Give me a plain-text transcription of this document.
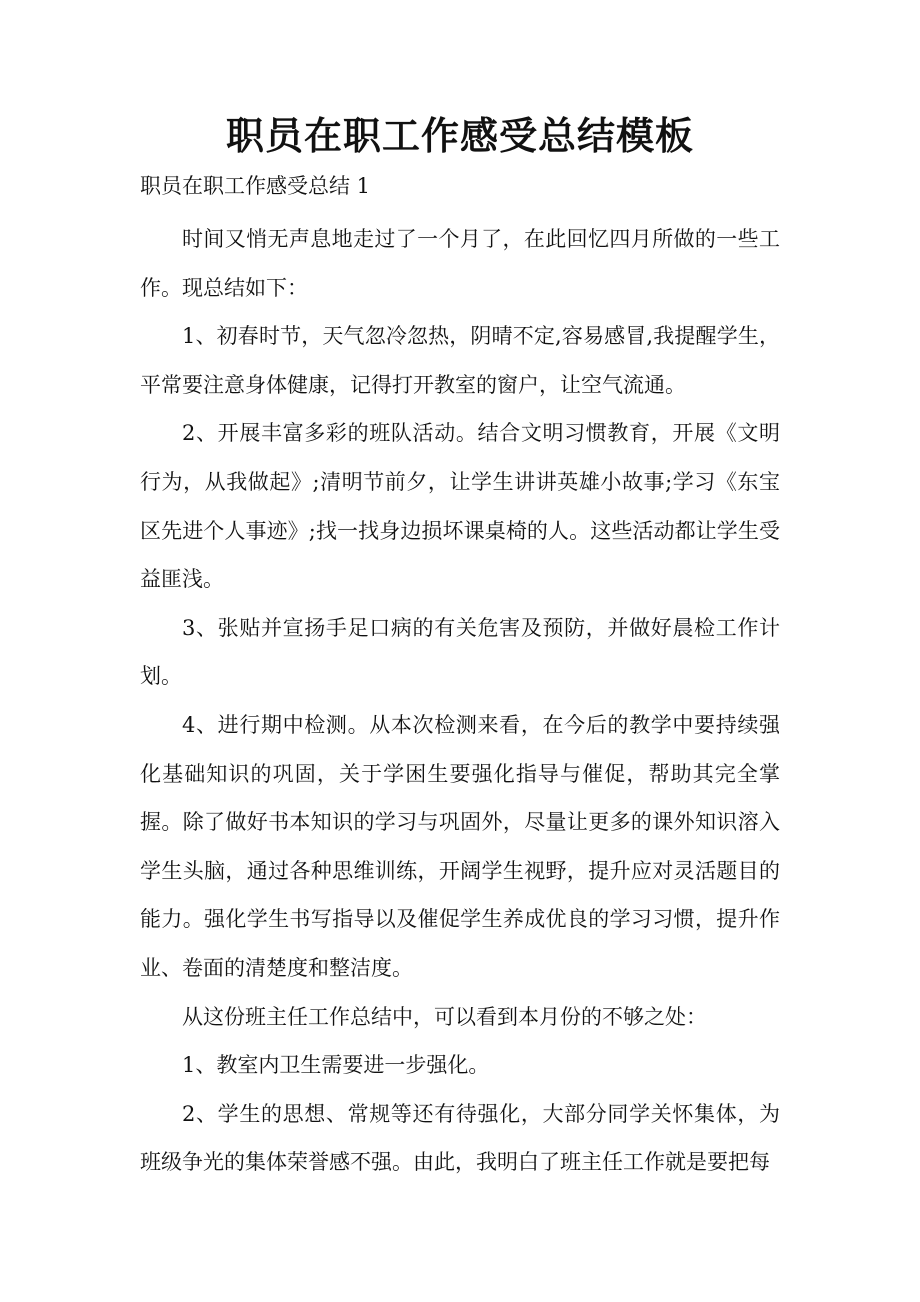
职员在职工作感受总结模板
职员在职工作感受总结 1

时间又悄无声息地走过了一个月了，在此回忆四月所做的一些工作。现总结如下：

1、初春时节，天气忽冷忽热，阴晴不定,容易感冒,我提醒学生，平常要注意身体健康，记得打开教室的窗户，让空气流通。

2、开展丰富多彩的班队活动。结合文明习惯教育，开展《文明行为，从我做起》;清明节前夕，让学生讲讲英雄小故事;学习《东宝区先进个人事迹》;找一找身边损坏课桌椅的人。这些活动都让学生受益匪浅。

3、张贴并宣扬手足口病的有关危害及预防，并做好晨检工作计划。

4、进行期中检测。从本次检测来看，在今后的教学中要持续强化基础知识的巩固，关于学困生要强化指导与催促，帮助其完全掌握。除了做好书本知识的学习与巩固外，尽量让更多的课外知识溶入学生头脑，通过各种思维训练，开阔学生视野，提升应对灵活题目的能力。强化学生书写指导以及催促学生养成优良的学习习惯，提升作业、卷面的清楚度和整洁度。

从这份班主任工作总结中，可以看到本月份的不够之处：

1、教室内卫生需要进一步强化。

2、学生的思想、常规等还有待强化，大部分同学关怀集体，为班级争光的集体荣誉感不强。由此，我明白了班主任工作就是要把每
